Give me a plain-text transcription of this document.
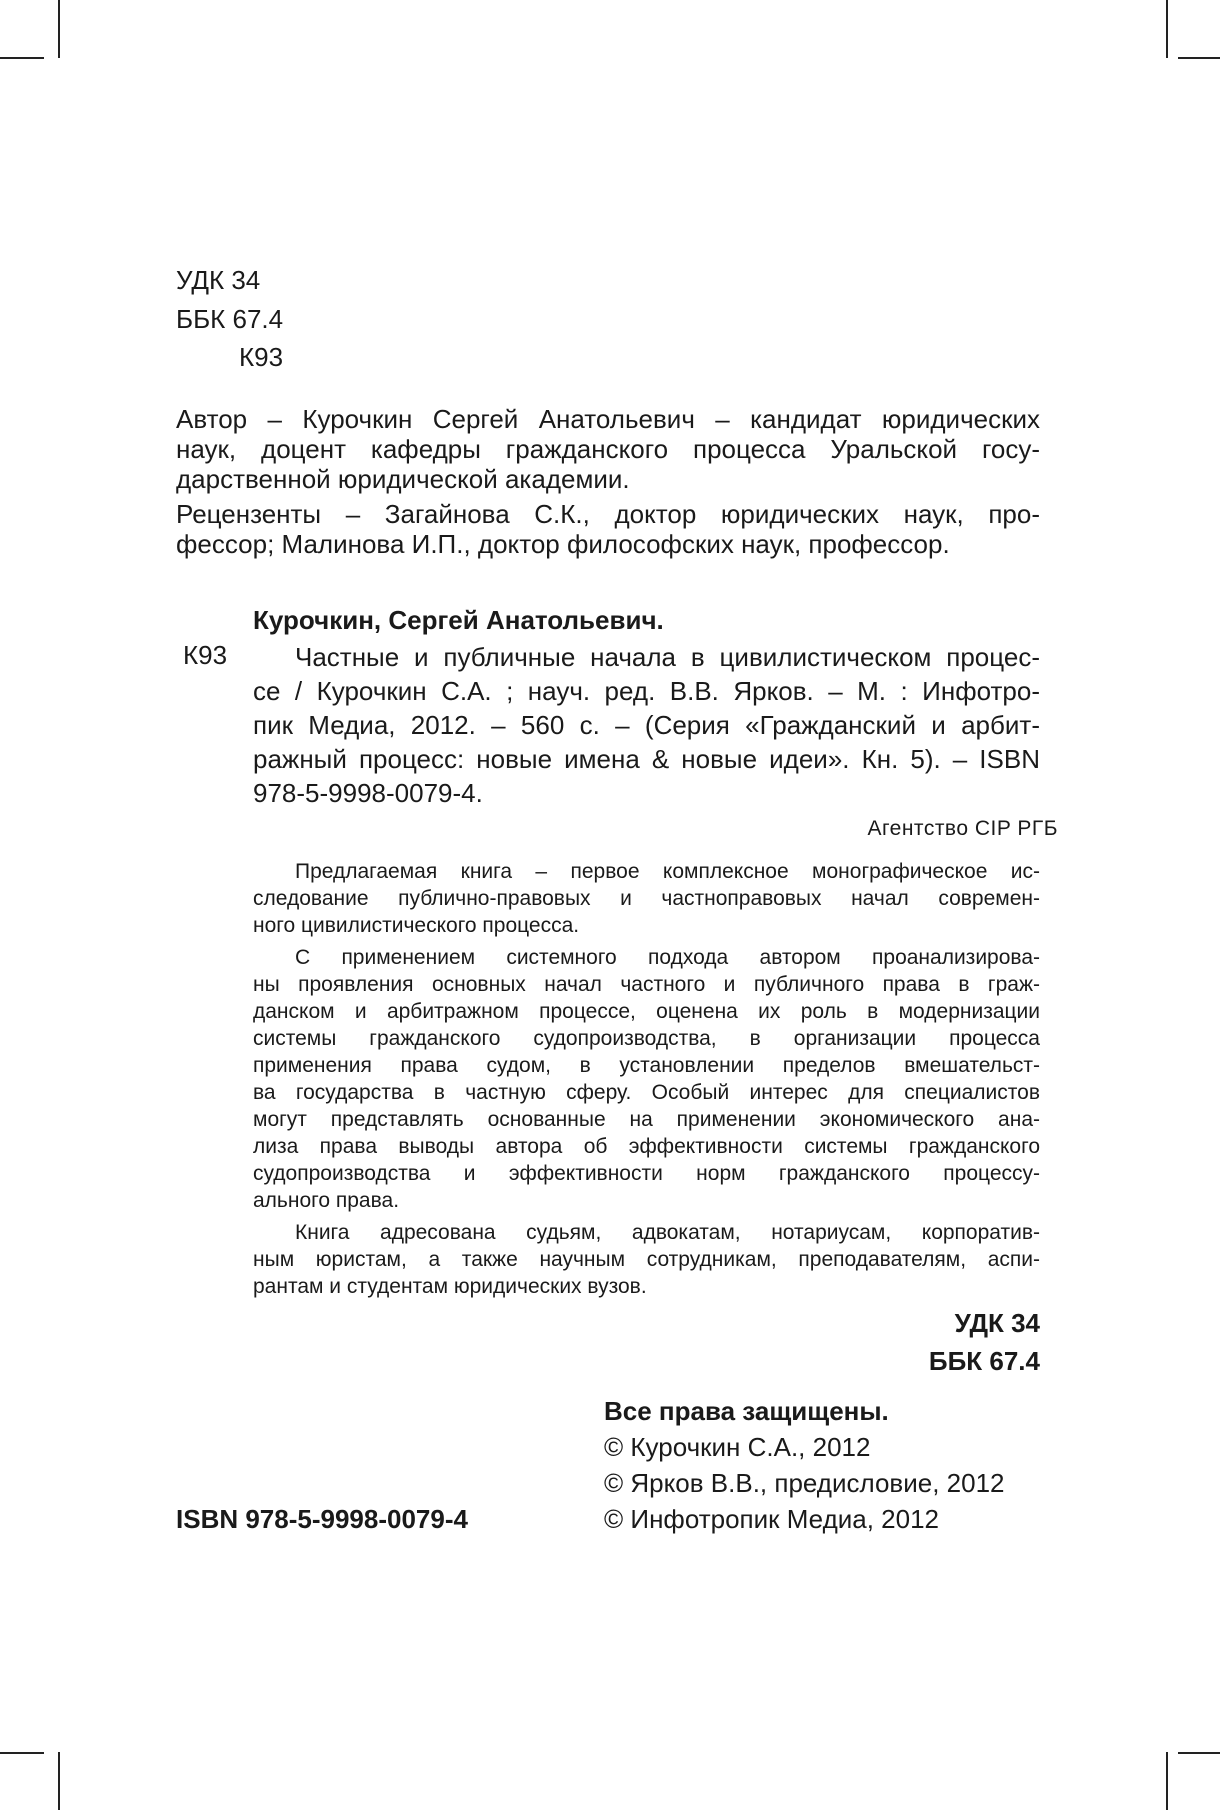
УДК 34
ББК 67.4
К93
Автор – Курочкин Сергей Анатольевич – кандидат юридических
наук, доцент кафедры гражданского процесса Уральской госу-
дарственной юридической академии.
Рецензенты – Загайнова С.К., доктор юридических наук, про-
фессор; Малинова И.П., доктор философских наук, профессор.
Курочкин, Сергей Анатольевич.
К93	Частные и публичные начала в цивилистическом процес-
се / Курочкин С.А. ; науч. ред. В.В. Ярков. – М. : Инфотро-
пик Медиа, 2012. – 560 с. – (Серия «Гражданский и арбит-
ражный процесс: новые имена & новые идеи». Кн. 5). – ISBN
978-5-9998-0079-4.
Агентство CIP РГБ
Предлагаемая книга – первое комплексное монографическое ис-
следование публично-правовых и частноправовых начал современ-
ного цивилистического процесса.
С применением системного подхода автором проанализирова-
ны проявления основных начал частного и публичного права в граж-
данском и арбитражном процессе, оценена их роль в модернизации
системы гражданского судопроизводства, в организации процесса
применения права судом, в установлении пределов вмешательст-
ва государства в частную сферу. Особый интерес для специалистов
могут представлять основанные на применении экономического ана-
лиза права выводы автора об эффективности системы гражданского
судопроизводства и эффективности норм гражданского процессу-
ального права.
Книга адресована судьям, адвокатам, нотариусам, корпоратив-
ным юристам, а также научным сотрудникам, преподавателям, аспи-
рантам и студентам юридических вузов.
УДК 34
ББК 67.4
Все права защищены.
© Курочкин С.А., 2012
© Ярков В.В., предисловие, 2012
© Инфотропик Медиа, 2012
ISBN 978-5-9998-0079-4
